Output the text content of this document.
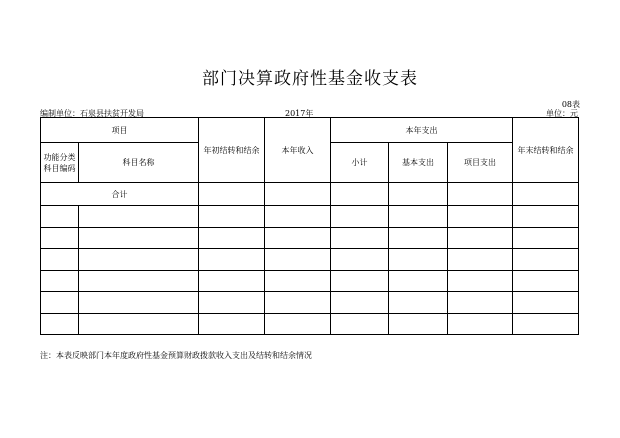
部门决算政府性基金收支表
08表
编制单位：石泉县扶贫开发局	2017年	单位：元
项目		年初结转和结余	本年收入	本年支出			年末结转和结余
功能分类科目编码	科目名称			小计	基本支出	项目支出	
合计							

注：本表反映部门本年度政府性基金预算财政拨款收入支出及结转和结余情况
